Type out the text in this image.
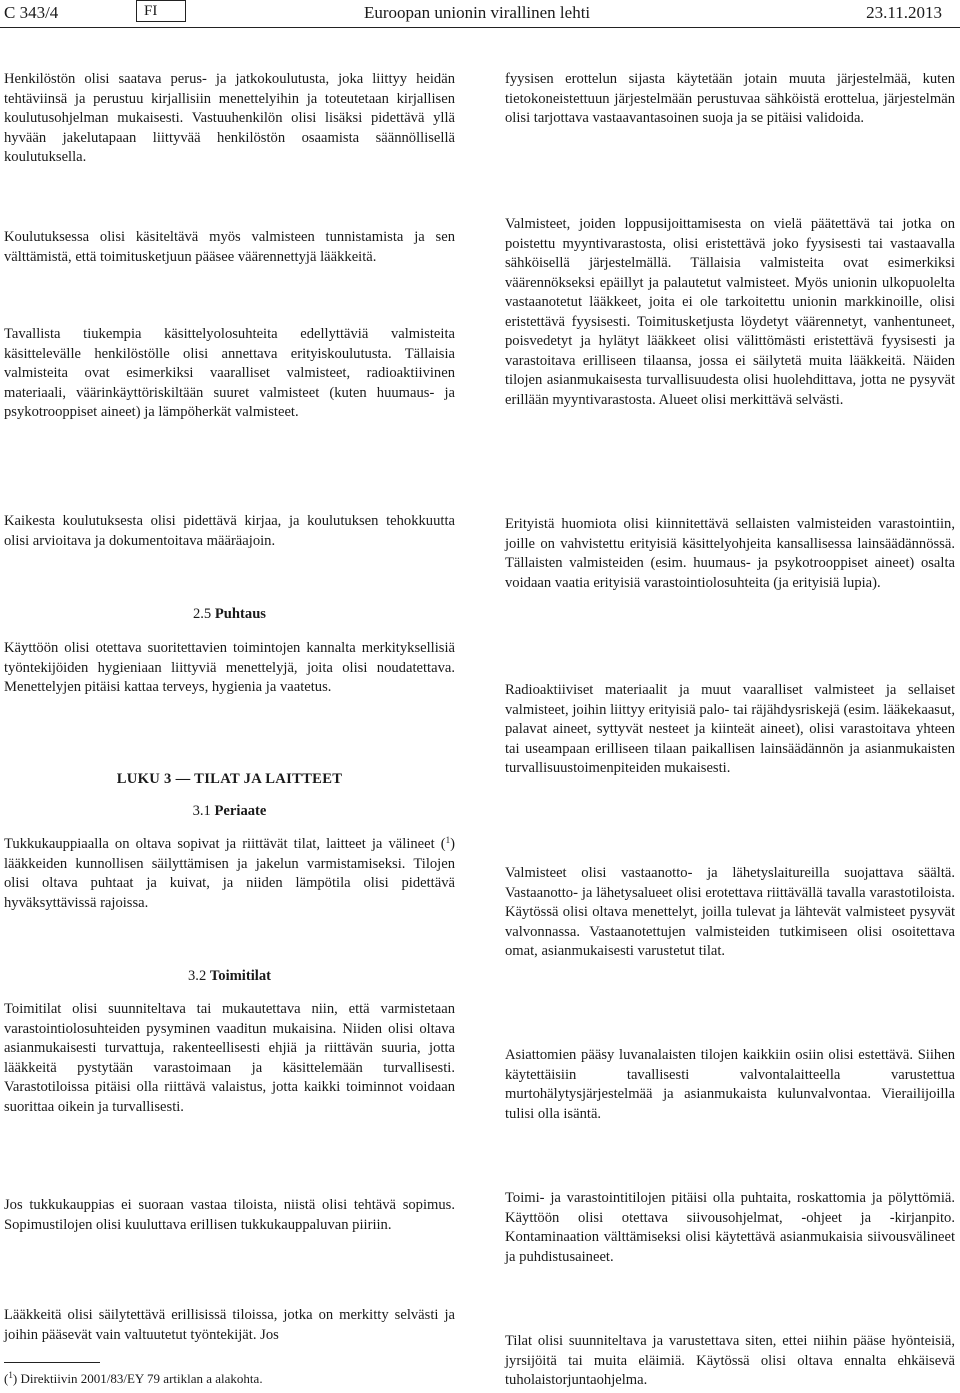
C 343/4	FI	Euroopan unionin virallinen lehti	23.11.2013
Henkilöstön olisi saatava perus- ja jatkokoulutusta, joka liittyy heidän tehtäviinsä ja perustuu kirjallisiin menettelyihin ja toteutetaan kirjallisen koulutusohjelman mukaisesti. Vastuuhenkilön olisi lisäksi pidettävä yllä hyvään jakelutapaan liittyvää henkilöstön osaamista säännöllisellä koulutuksella.
Koulutuksessa olisi käsiteltävä myös valmisteen tunnistamista ja sen välttämistä, että toimitusketjuun pääsee väärennettyjä lääkkeitä.
Tavallista tiukempia käsittelyolosuhteita edellyttäviä valmisteita käsittelevälle henkilöstölle olisi annettava erityiskoulutusta. Tällaisia valmisteita ovat esimerkiksi vaaralliset valmisteet, radioaktiivinen materiaali, väärinkäyttöriskiltään suuret valmisteet (kuten huumaus- ja psykotrooppiset aineet) ja lämpöherkät valmisteet.
Kaikesta koulutuksesta olisi pidettävä kirjaa, ja koulutuksen tehokkuutta olisi arvioitava ja dokumentoitava määräajoin.
2.5 Puhtaus
Käyttöön olisi otettava suoritettavien toimintojen kannalta merkityksellisiä työntekijöiden hygieniaan liittyviä menettelyjä, joita olisi noudatettava. Menettelyjen pitäisi kattaa terveys, hygienia ja vaatetus.
LUKU 3 — TILAT JA LAITTEET
3.1 Periaate
Tukkukauppiaalla on oltava sopivat ja riittävät tilat, laitteet ja välineet ($^1$) lääkkeiden kunnollisen säilyttämisen ja jakelun varmistamiseksi. Tilojen olisi oltava puhtaat ja kuivat, ja niiden lämpötila olisi pidettävä hyväksyttävissä rajoissa.
3.2 Toimitilat
Toimitilat olisi suunniteltava tai mukautettava niin, että varmistetaan varastointiolosuhteiden pysyminen vaaditun mukaisina. Niiden olisi oltava asianmukaisesti turvattuja, rakenteellisesti ehjiä ja riittävän suuria, jotta lääkkeitä pystytään varastoimaan ja käsittelemään turvallisesti. Varastotiloissa pitäisi olla riittävä valaistus, jotta kaikki toiminnot voidaan suorittaa oikein ja turvallisesti.
Jos tukkukauppias ei suoraan vastaa tiloista, niistä olisi tehtävä sopimus. Sopimustilojen olisi kuuluttava erillisen tukkukauppaluvan piiriin.
Lääkkeitä olisi säilytettävä erillisissä tiloissa, jotka on merkitty selvästi ja joihin pääsevät vain valtuutetut työntekijät. Jos
fyysisen erottelun sijasta käytetään jotain muuta järjestelmää, kuten tietokoneistettuun järjestelmään perustuvaa sähköistä erottelua, järjestelmän olisi tarjottava vastaavantasoinen suoja ja se pitäisi validoida.
Valmisteet, joiden loppusijoittamisesta on vielä päätettävä tai jotka on poistettu myyntivarastosta, olisi eristettävä joko fyysisesti tai vastaavalla sähköisellä järjestelmällä. Tällaisia valmisteita ovat esimerkiksi väärennökseksi epäillyt ja palautetut valmisteet. Myös unionin ulkopuolelta vastaanotetut lääkkeet, joita ei ole tarkoitettu unionin markkinoille, olisi eristettävä fyysisesti. Toimitusketjusta löydetyt väärennetyt, vanhentuneet, poisvedetyt ja hylätyt lääkkeet olisi välittömästi eristettävä fyysisesti ja varastoitava erilliseen tilaansa, jossa ei säilytetä muita lääkkeitä. Näiden tilojen asianmukaisesta turvallisuudesta olisi huolehdittava, jotta ne pysyvät erillään myyntivarastosta. Alueet olisi merkittävä selvästi.
Erityistä huomiota olisi kiinnitettävä sellaisten valmisteiden varastointiin, joille on vahvistettu erityisiä käsittelyohjeita kansallisessa lainsäädännössä. Tällaisten valmisteiden (esim. huumaus- ja psykotrooppiset aineet) osalta voidaan vaatia erityisiä varastointiolosuhteita (ja erityisiä lupia).
Radioaktiiviset materiaalit ja muut vaaralliset valmisteet ja sellaiset valmisteet, joihin liittyy erityisiä palo- tai räjähdysriskejä (esim. lääkekaasut, palavat aineet, syttyvät nesteet ja kiinteät aineet), olisi varastoitava yhteen tai useampaan erilliseen tilaan paikallisen lainsäädännön ja asianmukaisten turvallisuustoimenpiteiden mukaisesti.
Valmisteet olisi vastaanotto- ja lähetyslaitureilla suojattava säältä. Vastaanotto- ja lähetysalueet olisi erotettava riittävällä tavalla varastotiloista. Käytössä olisi oltava menettelyt, joilla tulevat ja lähtevät valmisteet pysyvät valvonnassa. Vastaanotettujen valmisteiden tutkimiseen olisi osoitettava omat, asianmukaisesti varustetut tilat.
Asiattomien pääsy luvanalaisten tilojen kaikkiin osiin olisi estettävä. Siihen käytettäisiin tavallisesti valvontalaitteella varustettua murtohälytysjärjestelmää ja asianmukaista kulunvalvontaa. Vierailijoilla tulisi olla isäntä.
Toimi- ja varastointitilojen pitäisi olla puhtaita, roskattomia ja pölyttömiä. Käyttöön olisi otettava siivousohjelmat, -ohjeet ja -kirjanpito. Kontaminaation välttämiseksi olisi käytettävä asianmukaisia siivousvälineet ja puhdistusaineet.
Tilat olisi suunniteltava ja varustettava siten, ettei niihin pääse hyönteisiä, jyrsijöitä tai muita eläimiä. Käytössä olisi oltava ennalta ehkäisevä tuholaistorjuntaohjelma.
($^1$) Direktiivin 2001/83/EY 79 artiklan a alakohta.
